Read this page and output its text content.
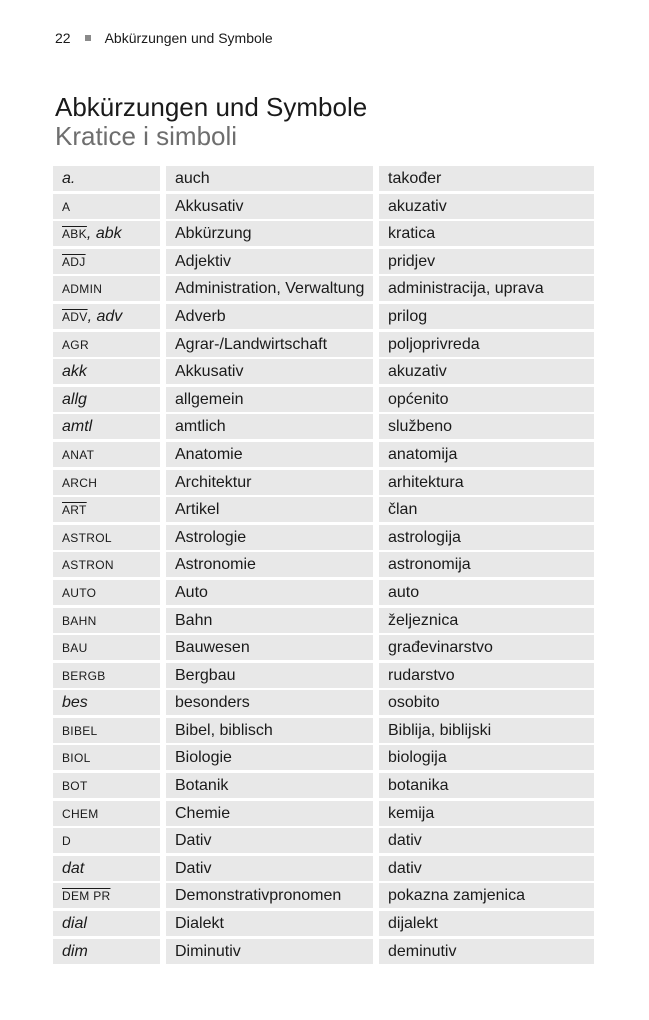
22 Abkürzungen und Symbole
Abkürzungen und Symbole
Kratice i simboli
a.	auch	također
A	Akkusativ	akuzativ
$\overline{ABK}$, abk	Abkürzung	kratica
$\overline{ADJ}$	Adjektiv	pridjev
ADMIN	Administration, Verwaltung	administracija, uprava
$\overline{ADV}$, adv	Adverb	prilog
AGR	Agrar-/Landwirtschaft	poljoprivreda
akk	Akkusativ	akuzativ
allg	allgemein	općenito
amtl	amtlich	službeno
ANAT	Anatomie	anatomija
ARCH	Architektur	arhitektura
$\overline{ART}$	Artikel	član
ASTROL	Astrologie	astrologija
ASTRON	Astronomie	astronomija
AUTO	Auto	auto
BAHN	Bahn	željeznica
BAU	Bauwesen	građevinarstvo
BERGB	Bergbau	rudarstvo
bes	besonders	osobito
BIBEL	Bibel, biblisch	Biblija, biblijski
BIOL	Biologie	biologija
BOT	Botanik	botanika
CHEM	Chemie	kemija
D	Dativ	dativ
dat	Dativ	dativ
DEM PR	Demonstrativpronomen	pokazna zamjenica
dial	Dialekt	dijalekt
dim	Diminutiv	deminutiv
